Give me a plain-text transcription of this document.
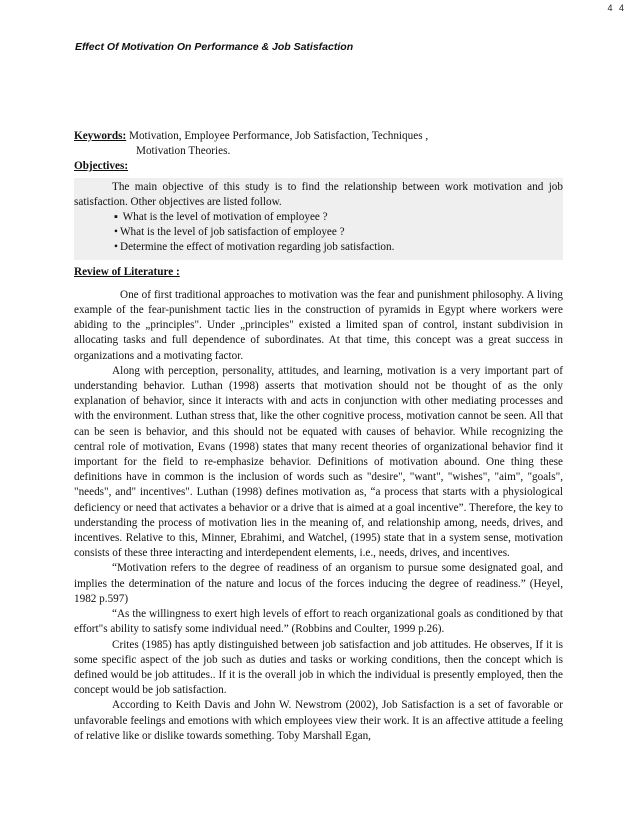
4 4
Effect Of Motivation On Performance & Job Satisfaction

Keywords: Motivation, Employee Performance, Job Satisfaction, Techniques ,

Motivation Theories.

Objectives:

The main objective of this study is to find the relationship between work motivation and job satisfaction. Other objectives are listed follow.

▪ What is the level of motivation of employee ?
• What is the level of job satisfaction of employee ?
• Determine the effect of motivation regarding job satisfaction.

Review of Literature :

One of first traditional approaches to motivation was the fear and punishment philosophy. A living example of the fear-punishment tactic lies in the construction of pyramids in Egypt where workers were abiding to the „principles". Under „principles" existed a limited span of control, instant subdivision in allocating tasks and full dependence of subordinates. At that time, this concept was a great success in organizations and a motivating factor.

Along with perception, personality, attitudes, and learning, motivation is a very important part of understanding behavior. Luthan (1998) asserts that motivation should not be thought of as the only explanation of behavior, since it interacts with and acts in conjunction with other mediating processes and with the environment. Luthan stress that, like the other cognitive process, motivation cannot be seen. All that can be seen is behavior, and this should not be equated with causes of behavior. While recognizing the central role of motivation, Evans (1998) states that many recent theories of organizational behavior find it important for the field to re-emphasize behavior. Definitions of motivation abound. One thing these definitions have in common is the inclusion of words such as "desire", "want", "wishes", "aim", "goals", "needs", and" incentives". Luthan (1998) defines motivation as, “a process that starts with a physiological deficiency or need that activates a behavior or a drive that is aimed at a goal incentive”. Therefore, the key to understanding the process of motivation lies in the meaning of, and relationship among, needs, drives, and incentives. Relative to this, Minner, Ebrahimi, and Watchel, (1995) state that in a system sense, motivation consists of these three interacting and interdependent elements, i.e., needs, drives, and incentives.

“Motivation refers to the degree of readiness of an organism to pursue some designated goal, and implies the determination of the nature and locus of the forces inducing the degree of readiness.” (Heyel, 1982 p.597)

“As the willingness to exert high levels of effort to reach organizational goals as conditioned by that effort"s ability to satisfy some individual need.” (Robbins and Coulter, 1999 p.26).

Crites (1985) has aptly distinguished between job satisfaction and job attitudes. He observes, If it is some specific aspect of the job such as duties and tasks or working conditions, then the concept which is defined would be job attitudes.. If it is the overall job in which the individual is presently employed, then the concept would be job satisfaction.

According to Keith Davis and John W. Newstrom (2002), Job Satisfaction is a set of favorable or unfavorable feelings and emotions with which employees view their work. It is an affective attitude a feeling of relative like or dislike towards something. Toby Marshall Egan,
